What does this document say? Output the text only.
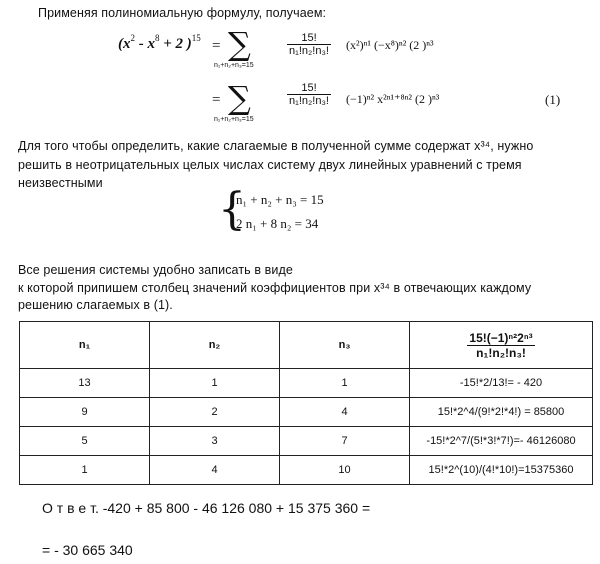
Применяя полиномиальную формулу, получаем:
($x^2 - x^8 + 2$ )$^{15}$ = ∑
n₁+n₂+n₃=15
$\frac{15!}{\text{n₁!n₂!n₃!}} (x^2)^{n1}$ (−x⁸)ⁿ² (2 )ⁿ³
= ∑
n₁+n₂+n₃=15
$\frac{15!}{\text{n₁!n₂!n₃!}} (-1)^{n2}$ x²ⁿ¹⁺⁸ⁿ² (2 )ⁿ³	(1)
Для того чтобы определить, какие слагаемые в полученной сумме содержат x³⁴, нужно
решить в неотрицательных целых числах систему двух линейных уравнений с тремя
неизвестными
{
n₁ + n₂ + n₃ = 15
2 n₁ + 8 n₂ = 34
Все решения системы удобно записать в виде
к которой припишем столбец значений коэффициентов при x³⁴ в отвечающих каждому
решению слагаемых в (1).
n₁	n₂	n₃	$\frac{\text{15!(−1)ⁿ²2ⁿ³}}{\text{n₁!n₂!n₃!}}$

13	1	1	-15!*2/13!= - 420
9	2	4	15!*2^4/(9!*2!*4!) = 85800
5	3	7	-15!*2^7/(5!*3!*7!)=- 46126080
1	4	10	15!*2^(10)/(4!*10!)=15375360
О т в е т. -420 + 85 800 - 46 126 080 + 15 375 360 =
= - 30 665 340
